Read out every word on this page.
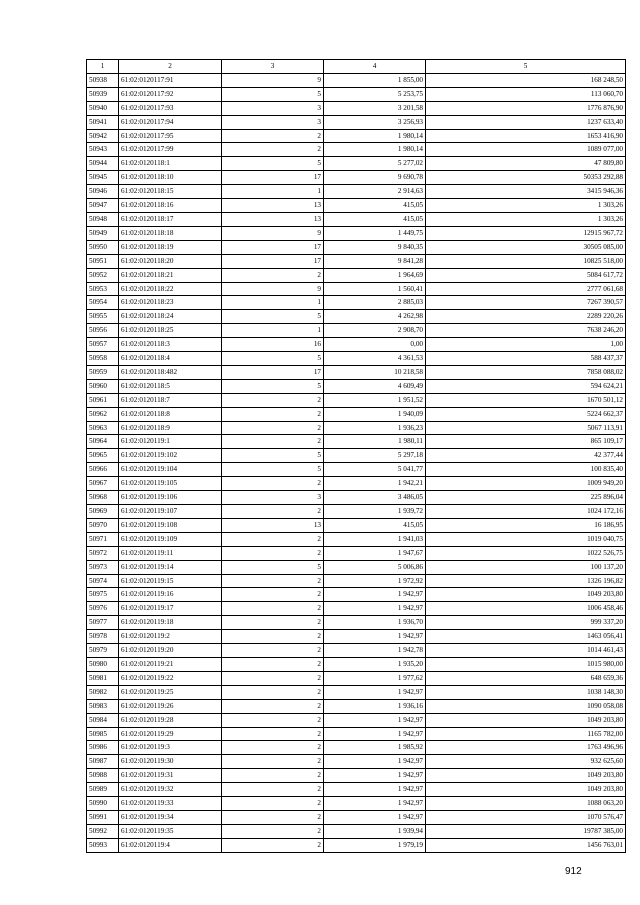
1	2	3	4	5
50938	61:02:0120117:91	9	1 855,00	168 248,50
50939	61:02:0120117:92	5	5 253,75	113 060,70
50940	61:02:0120117:93	3	3 201,58	1776 876,90
50941	61:02:0120117:94	3	3 256,93	1237 633,40
50942	61:02:0120117:95	2	1 980,14	1653 416,90
50943	61:02:0120117:99	2	1 980,14	1089 077,00
50944	61:02:0120118:1	5	5 277,02	47 809,80
50945	61:02:0120118:10	17	9 690,78	50353 292,88
50946	61:02:0120118:15	1	2 914,63	3415 946,36
50947	61:02:0120118:16	13	415,05	1 303,26
50948	61:02:0120118:17	13	415,05	1 303,26
50949	61:02:0120118:18	9	1 449,75	12915 967,72
50950	61:02:0120118:19	17	9 840,35	30505 085,00
50951	61:02:0120118:20	17	9 841,28	10825 518,00
50952	61:02:0120118:21	2	1 964,69	5084 617,72
50953	61:02:0120118:22	9	1 560,41	2777 061,68
50954	61:02:0120118:23	1	2 885,03	7267 390,57
50955	61:02:0120118:24	5	4 262,98	2289 220,26
50956	61:02:0120118:25	1	2 908,70	7638 246,20
50957	61:02:0120118:3	16	0,00	1,00
50958	61:02:0120118:4	5	4 361,53	588 437,37
50959	61:02:0120118:482	17	10 218,58	7858 088,02
50960	61:02:0120118:5	5	4 609,49	594 624,21
50961	61:02:0120118:7	2	1 951,52	1670 501,12
50962	61:02:0120118:8	2	1 940,09	5224 662,37
50963	61:02:0120118:9	2	1 936,23	5067 113,91
50964	61:02:0120119:1	2	1 980,11	865 109,17
50965	61:02:0120119:102	5	5 297,18	42 377,44
50966	61:02:0120119:104	5	5 041,77	100 835,40
50967	61:02:0120119:105	2	1 942,21	1009 949,20
50968	61:02:0120119:106	3	3 486,05	225 896,04
50969	61:02:0120119:107	2	1 939,72	1024 172,16
50970	61:02:0120119:108	13	415,05	16 186,95
50971	61:02:0120119:109	2	1 941,03	1019 040,75
50972	61:02:0120119:11	2	1 947,67	1022 526,75
50973	61:02:0120119:14	5	5 006,86	100 137,20
50974	61:02:0120119:15	2	1 972,92	1326 196,82
50975	61:02:0120119:16	2	1 942,97	1049 203,80
50976	61:02:0120119:17	2	1 942,97	1006 458,46
50977	61:02:0120119:18	2	1 936,70	999 337,20
50978	61:02:0120119:2	2	1 942,97	1463 056,41
50979	61:02:0120119:20	2	1 942,78	1014 461,43
50980	61:02:0120119:21	2	1 935,20	1015 980,00
50981	61:02:0120119:22	2	1 977,62	648 659,36
50982	61:02:0120119:25	2	1 942,97	1038 148,30
50983	61:02:0120119:26	2	1 936,16	1090 058,08
50984	61:02:0120119:28	2	1 942,97	1049 203,80
50985	61:02:0120119:29	2	1 942,97	1165 782,00
50986	61:02:0120119:3	2	1 985,92	1763 496,96
50987	61:02:0120119:30	2	1 942,97	932 625,60
50988	61:02:0120119:31	2	1 942,97	1049 203,80
50989	61:02:0120119:32	2	1 942,97	1049 203,80
50990	61:02:0120119:33	2	1 942,97	1088 063,20
50991	61:02:0120119:34	2	1 942,97	1070 576,47
50992	61:02:0120119:35	2	1 939,94	19787 385,00
50993	61:02:0120119:4	2	1 979,19	1456 763,01
912
